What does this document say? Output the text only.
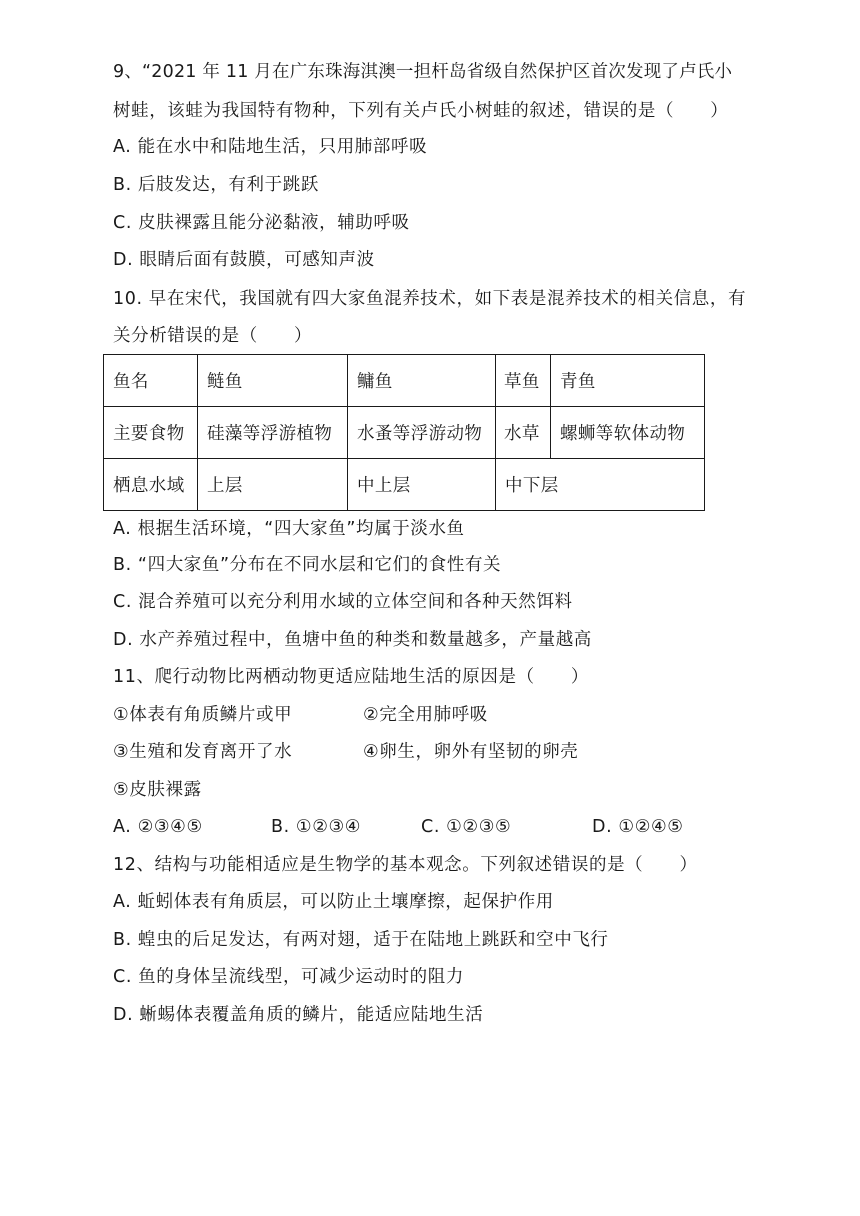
9、“2021 年 11 月在广东珠海淇澳一担杆岛省级自然保护区首次发现了卢氏小
树蛙，该蛙为我国特有物种，下列有关卢氏小树蛙的叙述，错误的是（　　）
A. 能在水中和陆地生活，只用肺部呼吸
B. 后肢发达，有利于跳跃
C. 皮肤裸露且能分泌黏液，辅助呼吸
D. 眼睛后面有鼓膜，可感知声波
10. 早在宋代，我国就有四大家鱼混养技术，如下表是混养技术的相关信息，有
关分析错误的是（　　）
鱼名	鲢鱼	鳙鱼	草鱼	青鱼
主要食物	硅藻等浮游植物	水蚤等浮游动物	水草	螺蛳等软体动物
栖息水域	上层	中上层	中下层	
A. 根据生活环境，“四大家鱼”均属于淡水鱼
B. “四大家鱼”分布在不同水层和它们的食性有关
C. 混合养殖可以充分利用水域的立体空间和各种天然饵料
D. 水产养殖过程中，鱼塘中鱼的种类和数量越多，产量越高
11、爬行动物比两栖动物更适应陆地生活的原因是（　　）
①体表有角质鳞片或甲	②完全用肺呼吸
③生殖和发育离开了水	④卵生，卵外有坚韧的卵壳
⑤皮肤裸露
A. ②③④⑤	B. ①②③④	C. ①②③⑤	D. ①②④⑤
12、结构与功能相适应是生物学的基本观念。下列叙述错误的是（　　）
A. 蚯蚓体表有角质层，可以防止土壤摩擦，起保护作用
B. 蝗虫的后足发达，有两对翅，适于在陆地上跳跃和空中飞行
C. 鱼的身体呈流线型，可减少运动时的阻力
D. 蜥蜴体表覆盖角质的鳞片，能适应陆地生活
